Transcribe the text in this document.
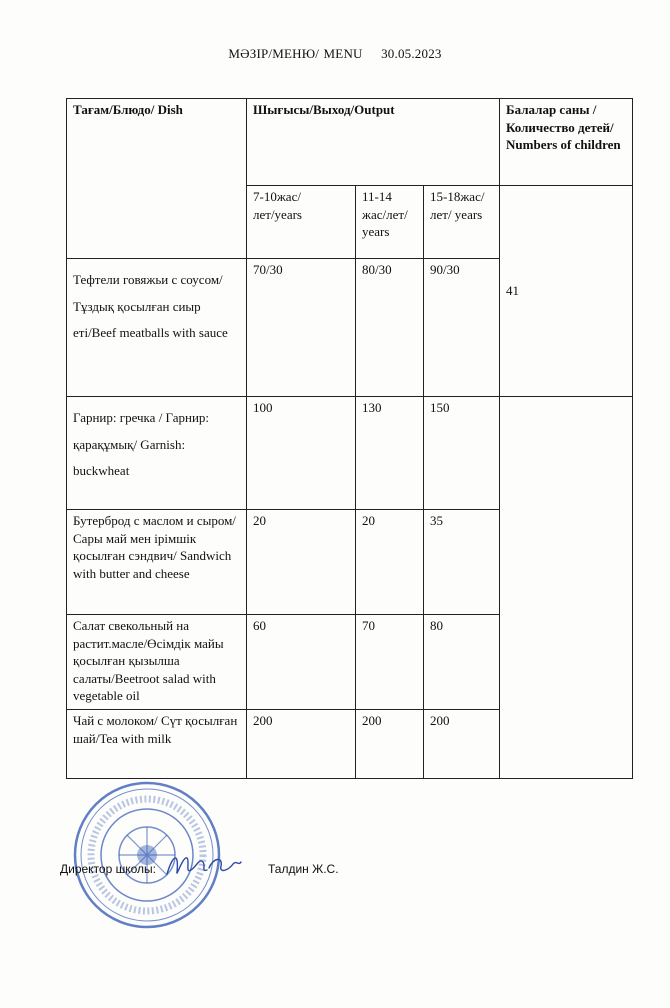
МӘЗІР/МЕНЮ/ MENU 30.05.2023
Тағам/Блюдо/ Dish	Шығысы/Выход/Output			Балалар саны /Количество детей/ Numbers of children
	7-10жас/лет/years	11-14 жас/лет/ years	15-18жас/лет/ years	41
Тефтели говяжьи с соусом/ Тұздық қосылған сиыр еті/Beef meatballs with sauce	70/30	80/30	90/30	
Гарнир: гречка / Гарнир: қарақұмық/ Garnish: buckwheat	100	130	150	
Бутерброд с маслом и сыром/Сары май мен ірімшік қосылған сэндвич/ Sandwich with butter and cheese	20	20	35	
Салат свекольный на растит.масле/Өсімдік майы қосылған қызылша салаты/Beetroot salad with vegetable oil	60	70	80	
Чай с молоком/ Сүт қосылған шай/Tea with milk	200	200	200	
Директор школы:	Талдин Ж.С.
